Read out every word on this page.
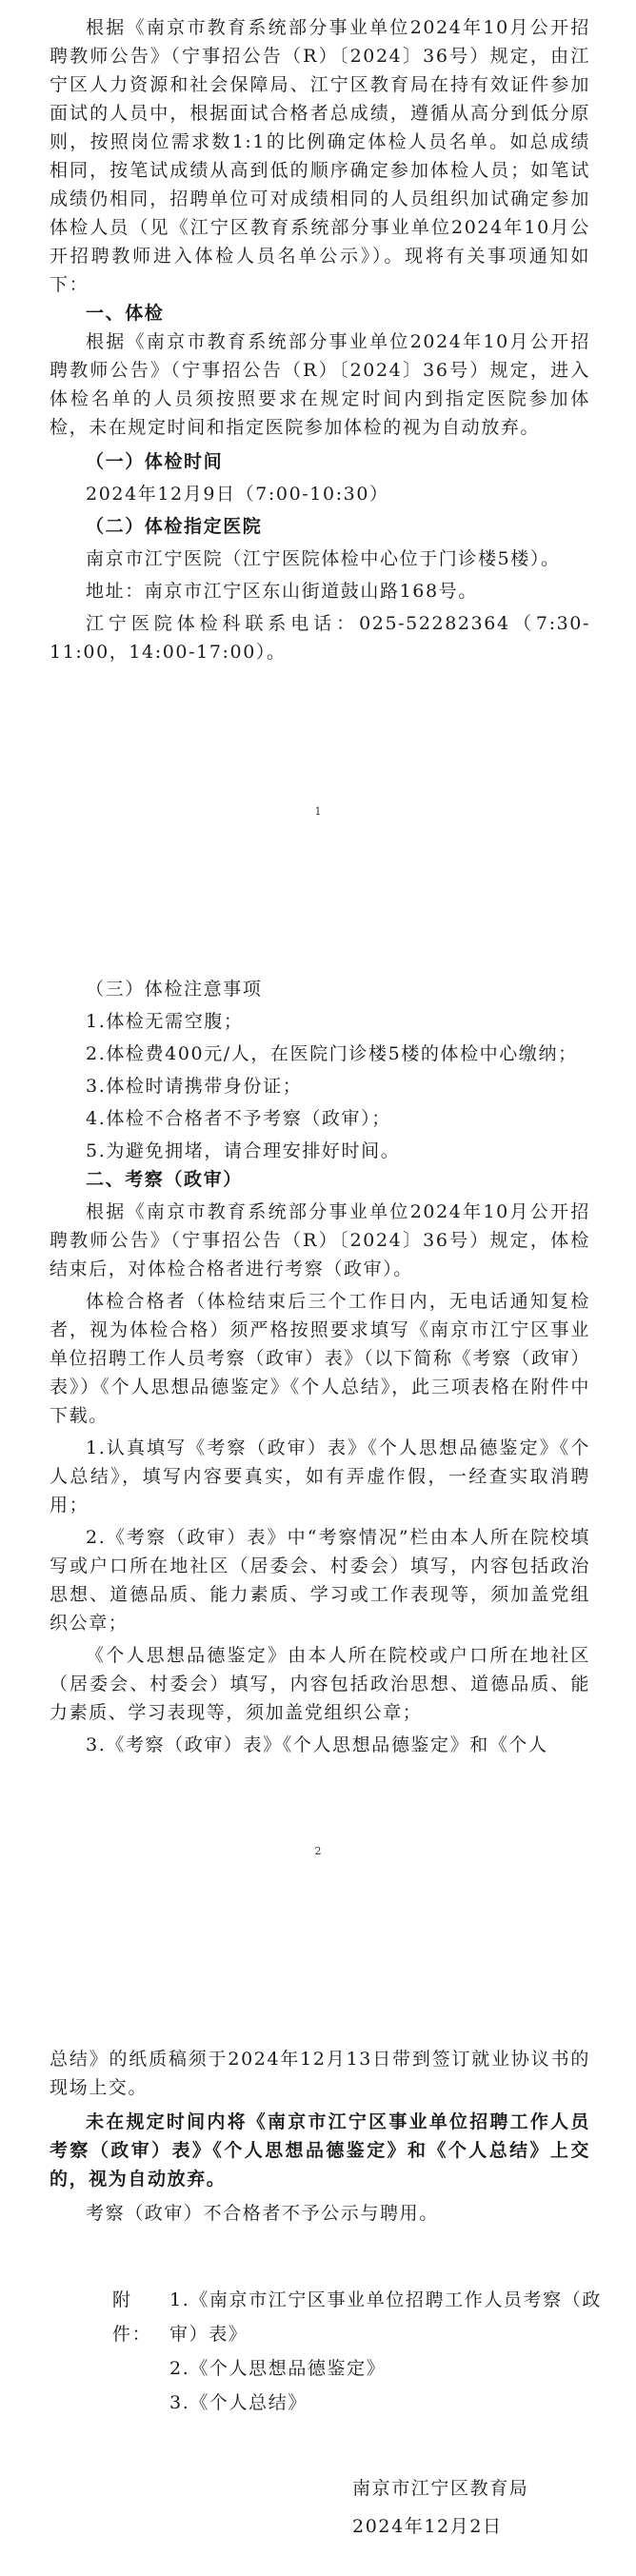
根据《南京市教育系统部分事业单位2024年10月公开招聘教师公告》（宁事招公告（R）〔2024〕36号）规定，由江宁区人力资源和社会保障局、江宁区教育局在持有效证件参加面试的人员中，根据面试合格者总成绩，遵循从高分到低分原则，按照岗位需求数1:1的比例确定体检人员名单。如总成绩相同，按笔试成绩从高到低的顺序确定参加体检人员；如笔试成绩仍相同，招聘单位可对成绩相同的人员组织加试确定参加体检人员（见《江宁区教育系统部分事业单位2024年10月公开招聘教师进入体检人员名单公示》）。现将有关事项通知如下：

一、体检

根据《南京市教育系统部分事业单位2024年10月公开招聘教师公告》（宁事招公告（R）〔2024〕36号）规定，进入体检名单的人员须按照要求在规定时间内到指定医院参加体检，未在规定时间和指定医院参加体检的视为自动放弃。

（一）体检时间

2024年12月9日（7:00-10:30）

（二）体检指定医院

南京市江宁医院（江宁医院体检中心位于门诊楼5楼）。

地址：南京市江宁区东山街道鼓山路168号。

江宁医院体检科联系电话：025-52282364（7:30-11:00，14:00-17:00）。

1

（三）体检注意事项

1.体检无需空腹；

2.体检费400元/人，在医院门诊楼5楼的体检中心缴纳；

3.体检时请携带身份证；

4.体检不合格者不予考察（政审）；

5.为避免拥堵，请合理安排好时间。

二、考察（政审）

根据《南京市教育系统部分事业单位2024年10月公开招聘教师公告》（宁事招公告（R）〔2024〕36号）规定，体检结束后，对体检合格者进行考察（政审）。

体检合格者（体检结束后三个工作日内，无电话通知复检者，视为体检合格）须严格按照要求填写《南京市江宁区事业单位招聘工作人员考察（政审）表》（以下简称《考察（政审）表》）《个人思想品德鉴定》《个人总结》，此三项表格在附件中下载。

1.认真填写《考察（政审）表》《个人思想品德鉴定》《个人总结》，填写内容要真实，如有弄虚作假，一经查实取消聘用；

2.《考察（政审）表》中“考察情况”栏由本人所在院校填写或户口所在地社区（居委会、村委会）填写，内容包括政治思想、道德品质、能力素质、学习或工作表现等，须加盖党组织公章；

《个人思想品德鉴定》由本人所在院校或户口所在地社区（居委会、村委会）填写，内容包括政治思想、道德品质、能力素质、学习表现等，须加盖党组织公章；

3.《考察（政审）表》《个人思想品德鉴定》和《个人

2

总结》的纸质稿须于2024年12月13日带到签订就业协议书的现场上交。

未在规定时间内将《南京市江宁区事业单位招聘工作人员考察（政审）表》《个人思想品德鉴定》和《个人总结》上交的，视为自动放弃。

考察（政审）不合格者不予公示与聘用。

附件：
1.《南京市江宁区事业单位招聘工作人员考察（政审）表》
2.《个人思想品德鉴定》
3.《个人总结》
南京市江宁区教育局
2024年12月2日
